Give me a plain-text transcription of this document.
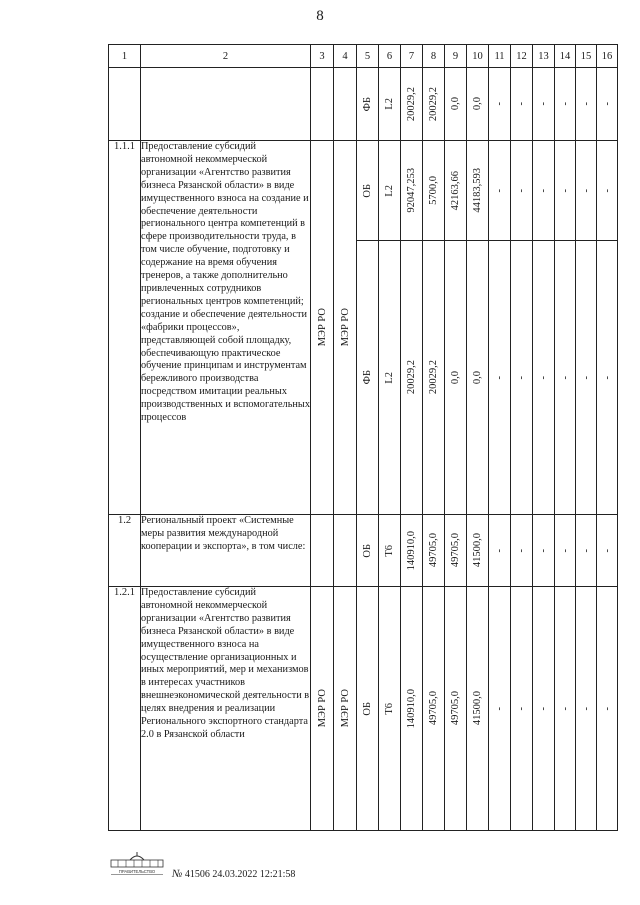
8
1	2	3	4	5	6	7	8	9	10	11	12	13	14	15	16

				ФБ	L2	20029,2	20029,2	0,0	0,0	-	-	-	-	-	-

1.1.1	Предоставление субсидий автономной некоммерческой организации «Агентство развития бизнеса Рязанской области» в виде имущественного взноса на создание и обеспечение деятельности регионального центра компетенций в сфере производительности труда, в том числе обучение, подготовку и содержание на время обучения тренеров, а также дополнительно привлеченных сотрудников региональных центров компетенций; создание и обеспечение деятельности «фабрики процессов», представляющей собой площадку, обеспечивающую практическое обучение принципам и инструментам бережливого производства посредством имитации реальных производственных и вспомогательных процессов	МЭР РО	МЭР РО	ОБ	L2	92047,253	5700,0	42163,66	44183,593	-	-	-	-	-	-

				ФБ	L2	20029,2	20029,2	0,0	0,0	-	-	-	-	-	-

1.2	Региональный проект «Системные меры развития международной кооперации и экспорта», в том числе:			ОБ	Т6	140910,0	49705,0	49705,0	41500,0	-	-	-	-	-	-

1.2.1	Предоставление субсидий автономной некоммерческой организации «Агентство развития бизнеса Рязанской области» в виде имущественного взноса на осуществление организационных и иных мероприятий, мер и механизмов в интересах участников внешнеэкономической деятельности в целях внедрения и реализации Регионального экспортного стандарта 2.0 в Рязанской области	МЭР РО	МЭР РО	ОБ	Т6	140910,0	49705,0	49705,0	41500,0	-	-	-	-	-	-
ПРАВИТЕЛЬСТВО № 41506 24.03.2022 12:21:58
